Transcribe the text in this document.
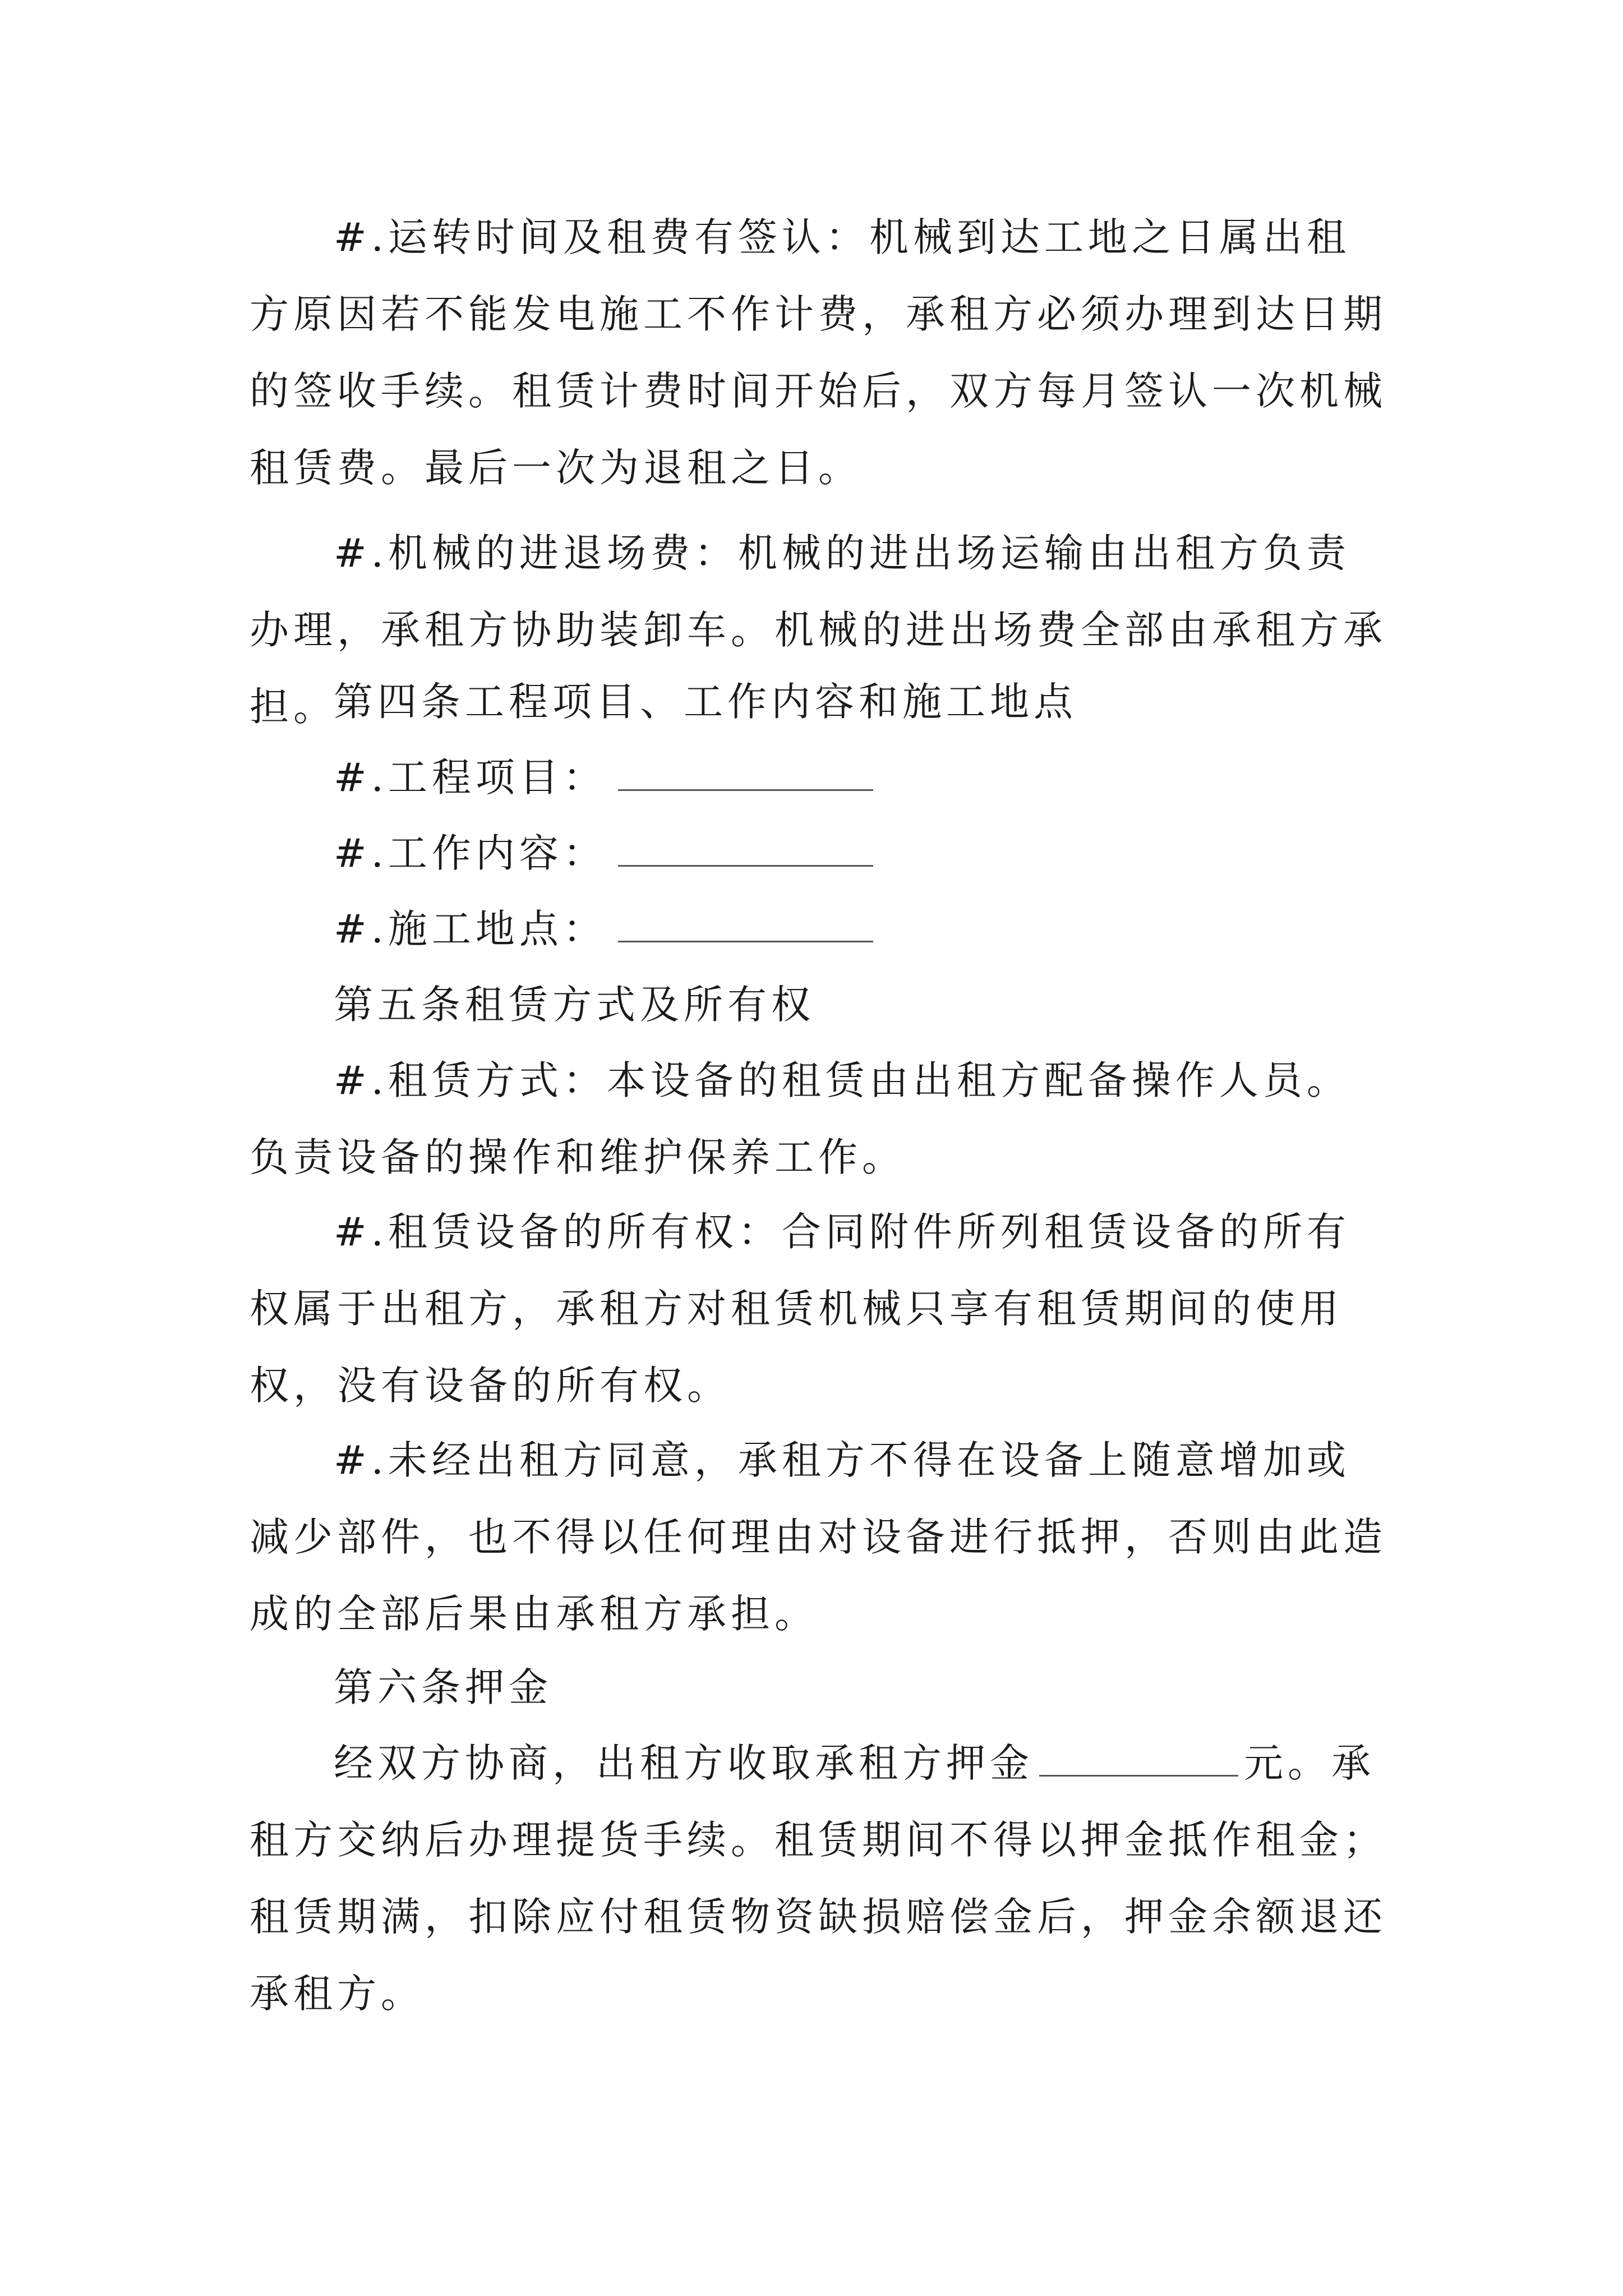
#.运转时间及租费有签认：机械到达工地之日属出租方原因若不能发电施工不作计费，承租方必须办理到达日期的签收手续。租赁计费时间开始后，双方每月签认一次机械租赁费。最后一次为退租之日。

#.机械的进退场费：机械的进出场运输由出租方负责办理，承租方协助装卸车。机械的进出场费全部由承租方承担。

第四条工程项目、工作内容和施工地点

#.工程项目：

#.工作内容：

#.施工地点：

第五条租赁方式及所有权

#.租赁方式：本设备的租赁由出租方配备操作人员。负责设备的操作和维护保养工作。

#.租赁设备的所有权：合同附件所列租赁设备的所有权属于出租方，承租方对租赁机械只享有租赁期间的使用权，没有设备的所有权。

#.未经出租方同意，承租方不得在设备上随意增加或减少部件，也不得以任何理由对设备进行抵押，否则由此造成的全部后果由承租方承担。

第六条押金

经双方协商，出租方收取承租方押金	元。承租方交纳后办理提货手续。租赁期间不得以押金抵作租金；租赁期满，扣除应付租赁物资缺损赔偿金后，押金余额退还承租方。
